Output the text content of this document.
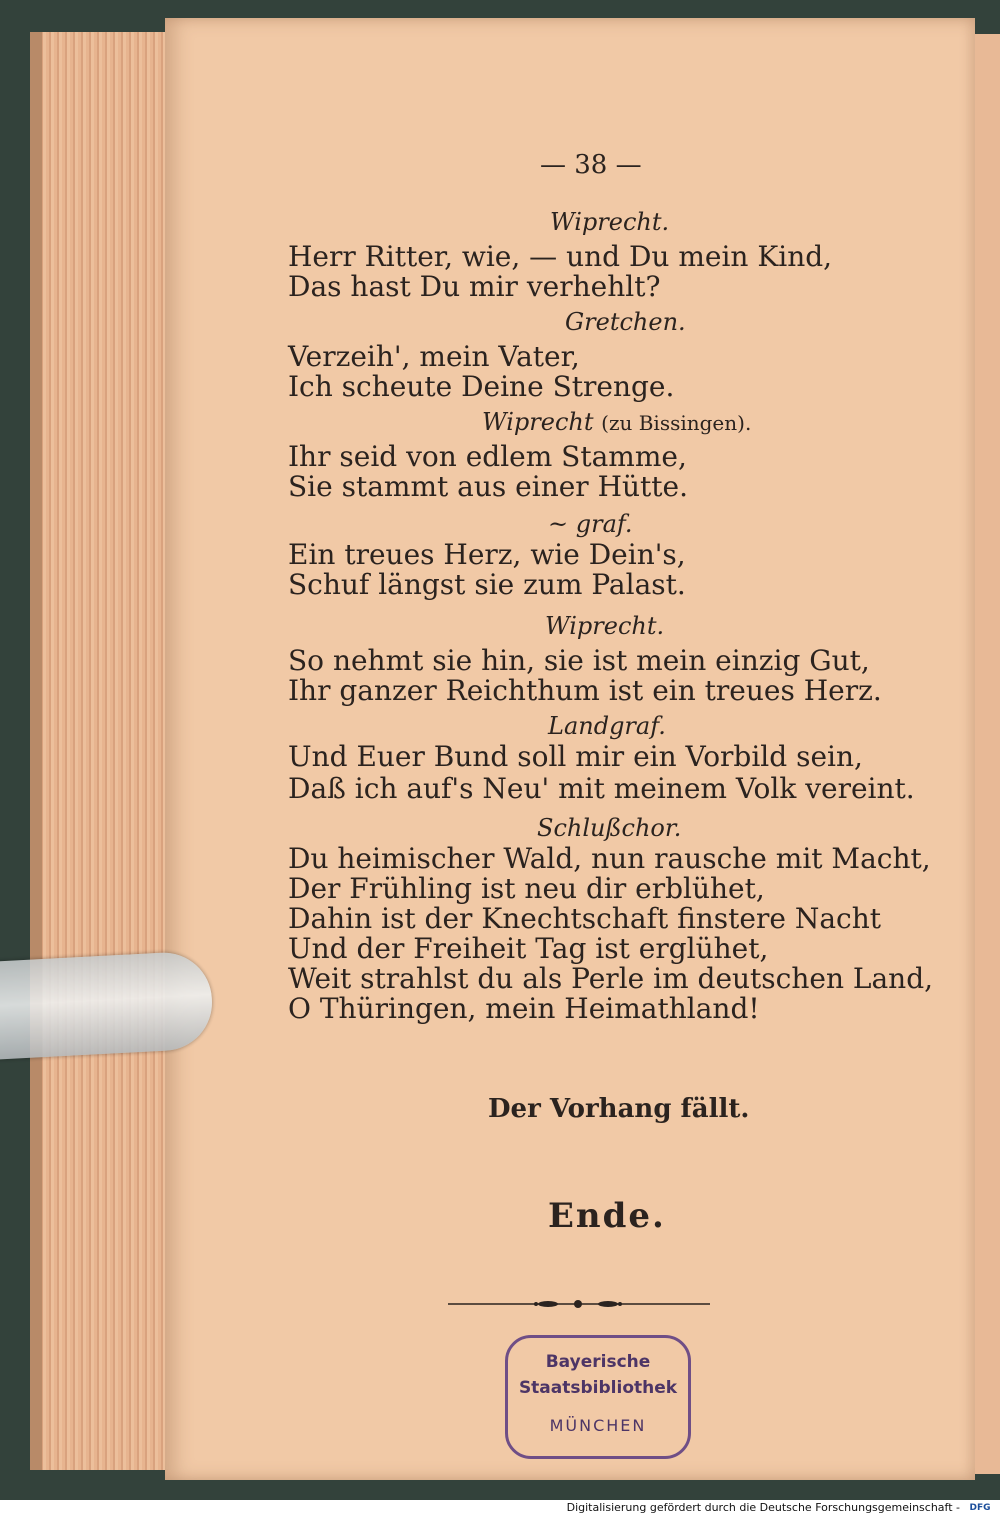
— 38 —
Wiprecht.
Herr Ritter, wie, — und Du mein Kind,
Das hast Du mir verhehlt?
Gretchen.
Verzeih', mein Vater,
Ich scheute Deine Strenge.
Wiprecht (zu Bissingen).
Ihr seid von edlem Stamme,
Sie stammt aus einer Hütte.
~ grаf.
Ein treues Herz, wie Dein's,
Schuf längst sie zum Palast.
Wiprecht.
So nehmt sie hin, sie ist mein einzig Gut,
Ihr ganzer Reichthum ist ein treues Herz.
Landgraf.
Und Euer Bund soll mir ein Vorbild sein,
Daß ich auf's Neu' mit meinem Volk vereint.
Schlußchor.
Du heimischer Wald, nun rausche mit Macht,
Der Frühling ist neu dir erblühet,
Dahin ist der Knechtschaft finstere Nacht
Und der Freiheit Tag ist erglühet,
Weit strahlst du als Perle im deutschen Land,
O Thüringen, mein Heimathland!
Der Vorhang fällt.
Ende.
Bayerische
Staatsbibliothek
MÜNCHEN
Digitalisierung gefördert durch die Deutsche Forschungsgemeinschaft -	DFG
